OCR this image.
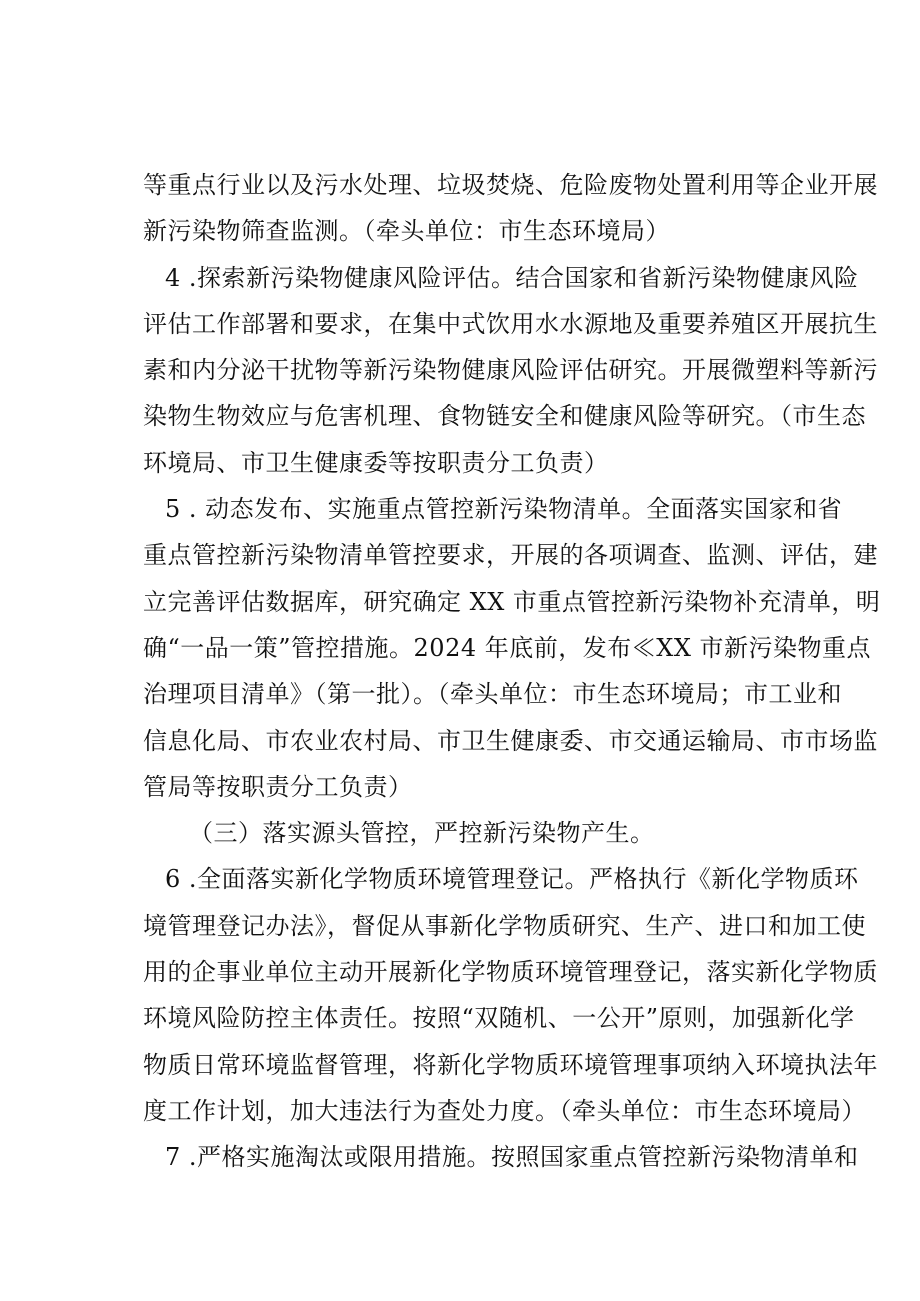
等重点行业以及污水处理、垃圾焚烧、危险废物处置利用等企业开展
新污染物筛查监测。（牵头单位：市生态环境局）
4 .探索新污染物健康风险评估。结合国家和省新污染物健康风险
评估工作部署和要求，在集中式饮用水水源地及重要养殖区开展抗生
素和内分泌干扰物等新污染物健康风险评估研究。开展微塑料等新污
染物生物效应与危害机理、食物链安全和健康风险等研究。（市生态
环境局、市卫生健康委等按职责分工负责）
5 . 动态发布、实施重点管控新污染物清单。全面落实国家和省
重点管控新污染物清单管控要求，开展的各项调查、监测、评估，建
立完善评估数据库，研究确定 XX 市重点管控新污染物补充清单，明
确“一品一策”管控措施。2024 年底前，发布≪XX 市新污染物重点
治理项目清单》（第一批）。（牵头单位：市生态环境局；市工业和
信息化局、市农业农村局、市卫生健康委、市交通运输局、市市场监
管局等按职责分工负责）
（三）落实源头管控，严控新污染物产生。
6 .全面落实新化学物质环境管理登记。严格执行《新化学物质环
境管理登记办法》，督促从事新化学物质研究、生产、进口和加工使
用的企事业单位主动开展新化学物质环境管理登记，落实新化学物质
环境风险防控主体责任。按照“双随机、一公开”原则，加强新化学
物质日常环境监督管理，将新化学物质环境管理事项纳入环境执法年
度工作计划，加大违法行为查处力度。（牵头单位：市生态环境局）
7 .严格实施淘汰或限用措施。按照国家重点管控新污染物清单和
